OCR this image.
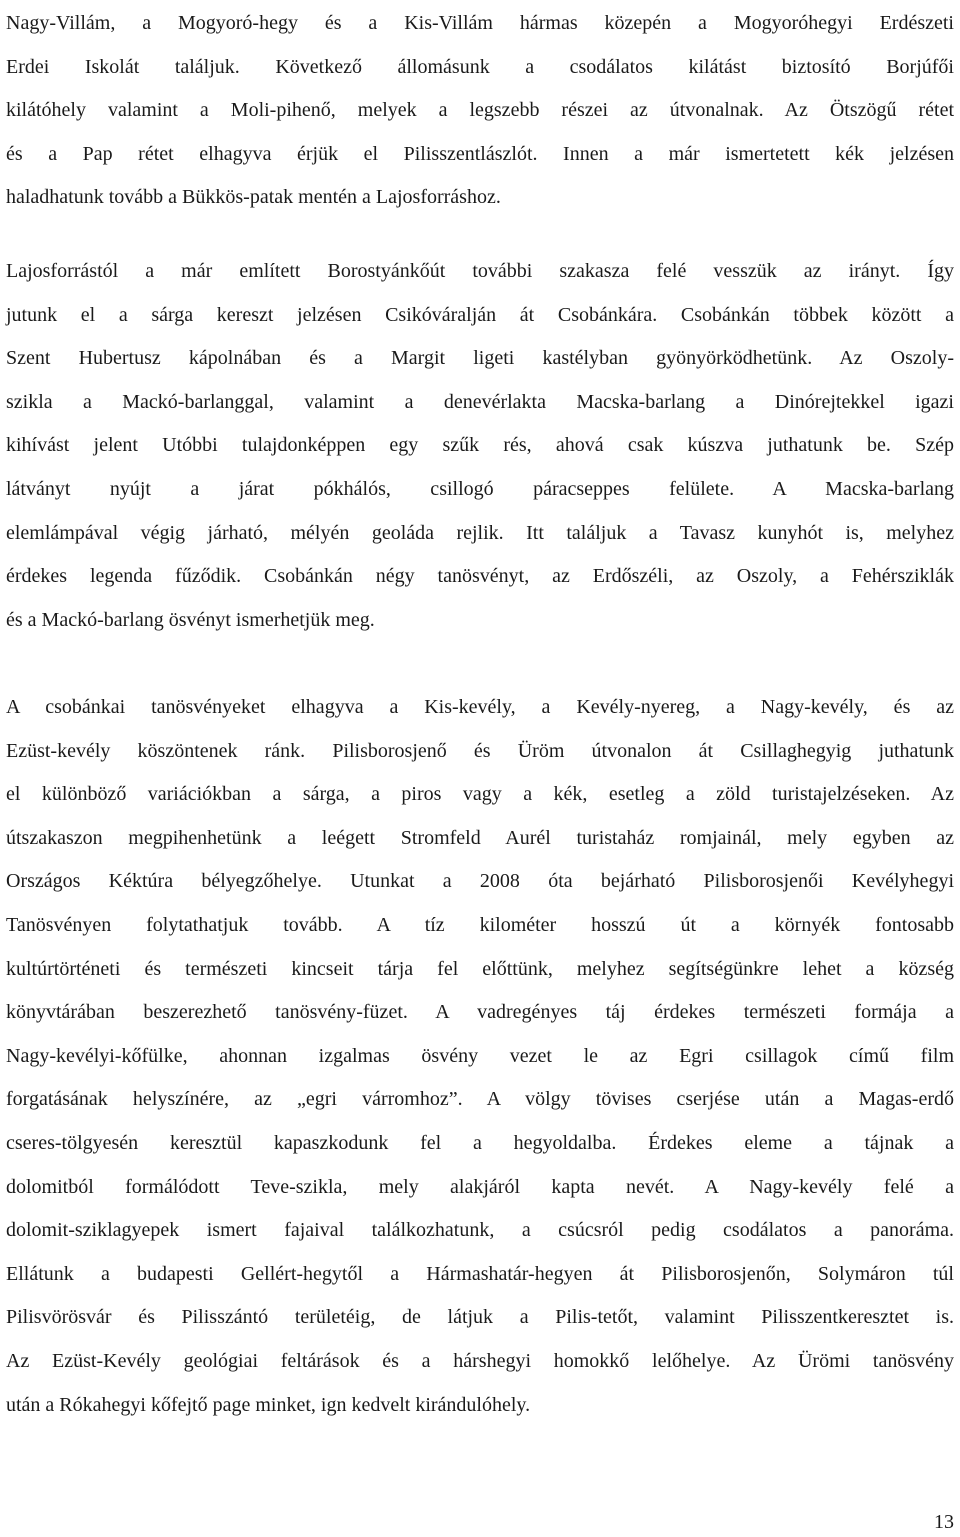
Nagy-Villám, a Mogyoró-hegy és a Kis-Villám hármas közepén a Mogyoróhegyi Erdészeti
Erdei Iskolát találjuk. Következő állomásunk a csodálatos kilátást biztosító Borjúfői
kilátóhely valamint a Moli-pihenő, melyek a legszebb részei az útvonalnak. Az Ötszögű rétet
és a Pap rétet elhagyva érjük el Pilisszentlászlót. Innen a már ismertetett kék jelzésen
haladhatunk tovább a Bükkös-patak mentén a Lajosforráshoz.
Lajosforrástól a már említett Borostyánkőút további szakasza felé vesszük az irányt. Így
jutunk el a sárga kereszt jelzésen Csikóváralján át Csobánkára. Csobánkán többek között a
Szent Hubertusz kápolnában és a Margit ligeti kastélyban gyönyörködhetünk. Az Oszoly-
szikla a Mackó-barlanggal, valamint a denevérlakta Macska-barlang a Dinórejtekkel igazi
kihívást jelent Utóbbi tulajdonképpen egy szűk rés, ahová csak kúszva juthatunk be. Szép
látványt nyújt a járat pókhálós, csillogó páracseppes felülete. A Macska-barlang
elemlámpával végig járható, mélyén geoláda rejlik. Itt találjuk a Tavasz kunyhót is, melyhez
érdekes legenda fűződik. Csobánkán négy tanösvényt, az Erdőszéli, az Oszoly, a Fehérsziklák
és a Mackó-barlang ösvényt ismerhetjük meg.
A csobánkai tanösvényeket elhagyva a Kis-kevély, a Kevély-nyereg, a Nagy-kevély, és az
Ezüst-kevély köszöntenek ránk. Pilisborosjenő és Üröm útvonalon át Csillaghegyig juthatunk
el különböző variációkban a sárga, a piros vagy a kék, esetleg a zöld turistajelzéseken. Az
útszakaszon megpihenhetünk a leégett Stromfeld Aurél turistaház romjainál, mely egyben az
Országos Kéktúra bélyegzőhelye. Utunkat a 2008 óta bejárható Pilisborosjenői Kevélyhegyi
Tanösvényen folytathatjuk tovább. A tíz kilométer hosszú út a környék fontosabb
kultúrtörténeti és természeti kincseit tárja fel előttünk, melyhez segítségünkre lehet a község
könyvtárában beszerezhető tanösvény-füzet. A vadregényes táj érdekes természeti formája a
Nagy-kevélyi-kőfülke, ahonnan izgalmas ösvény vezet le az Egri csillagok című film
forgatásának helyszínére, az „egri várromhoz”. A völgy tövises cserjése után a Magas-erdő
cseres-tölgyesén keresztül kapaszkodunk fel a hegyoldalba. Érdekes eleme a tájnak a
dolomitból formálódott Teve-szikla, mely alakjáról kapta nevét. A Nagy-kevély felé a
dolomit-sziklagyepek ismert fajaival találkozhatunk, a csúcsról pedig csodálatos a panoráma.
Ellátunk a budapesti Gellért-hegytől a Hármashatár-hegyen át Pilisborosjenőn, Solymáron túl
Pilisvörösvár és Pilisszántó területéig, de látjuk a Pilis-tetőt, valamint Pilisszentkeresztet is.
Az Ezüst-Kevély geológiai feltárások és a hárshegyi homokkő lelőhelye. Az Ürömi tanösvény
után a Rókahegyi kőfejtő page minket, ign kedvelt kirándulóhely.
13
